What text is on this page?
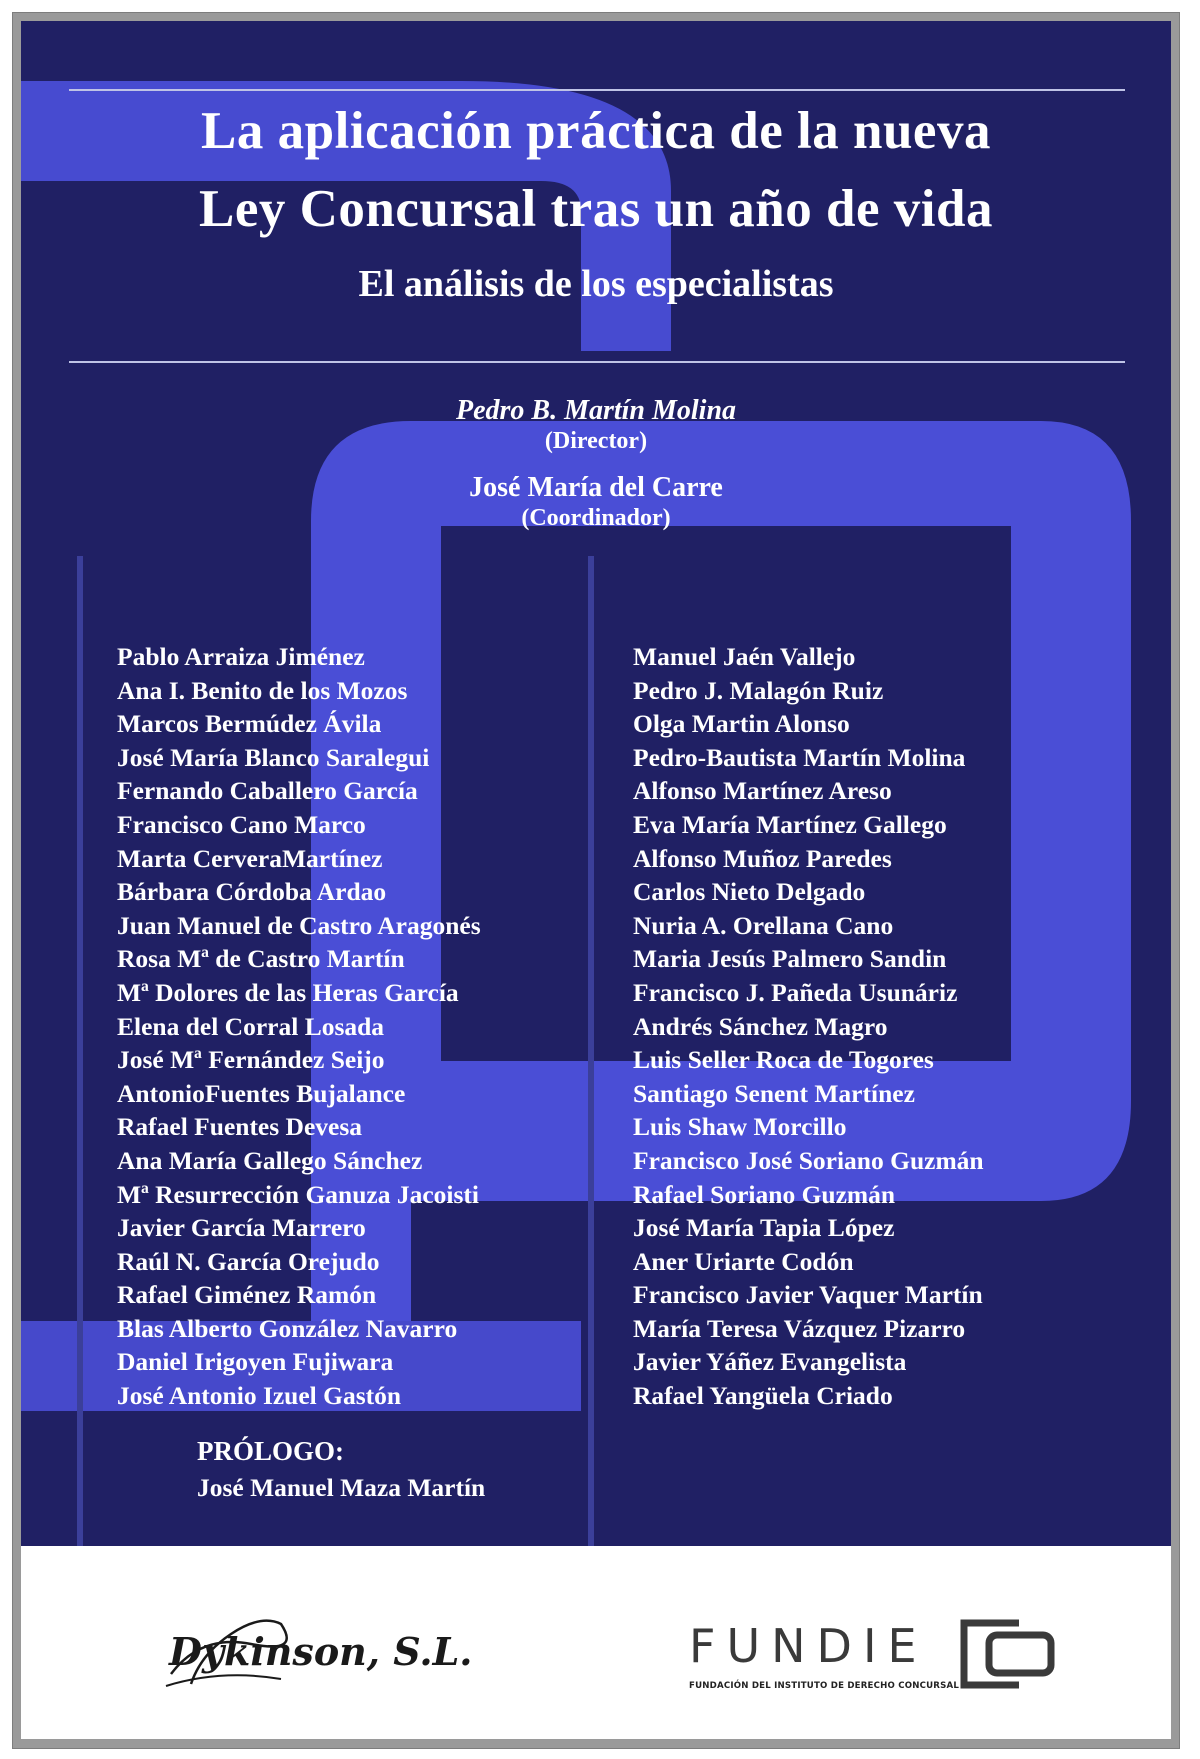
La aplicación práctica de la nueva
Ley Concursal tras un año de vida
El análisis de los especialistas
Pedro B. Martín Molina
(Director)
José María del Carre
(Coordinador)
Pablo Arraiza Jiménez
Ana I. Benito de los Mozos
Marcos Bermúdez Ávila
José María Blanco Saralegui
Fernando Caballero García
Francisco Cano Marco
Marta CerveraMartínez
Bárbara Córdoba Ardao
Juan Manuel de Castro Aragonés
Rosa Mª de Castro Martín
Mª Dolores de las Heras García
Elena del Corral Losada
José Mª Fernández Seijo
AntonioFuentes Bujalance
Rafael Fuentes Devesa
Ana María Gallego Sánchez
Mª Resurrección Ganuza Jacoisti
Javier García Marrero
Raúl N. García Orejudo
Rafael Giménez Ramón
Blas Alberto González Navarro
Daniel Irigoyen Fujiwara
José Antonio Izuel Gastón
Manuel Jaén Vallejo
Pedro J. Malagón Ruiz
Olga Martin Alonso
Pedro-Bautista Martín Molina
Alfonso Martínez Areso
Eva María Martínez Gallego
Alfonso Muñoz Paredes
Carlos Nieto Delgado
Nuria A. Orellana Cano
Maria Jesús Palmero Sandin
Francisco J. Pañeda Usunáriz
Andrés Sánchez Magro
Luis Seller Roca de Togores
Santiago Senent Martínez
Luis Shaw Morcillo
Francisco José Soriano Guzmán
Rafael Soriano Guzmán
José María Tapia López
Aner Uriarte Codón
Francisco Javier Vaquer Martín
María Teresa Vázquez Pizarro
Javier Yáñez Evangelista
Rafael Yangüela Criado
PRÓLOGO:
José Manuel Maza Martín
Dykinson, S.L.	FUNDIE
FUNDACIÓN DEL INSTITUTO DE DERECHO CONCURSAL
